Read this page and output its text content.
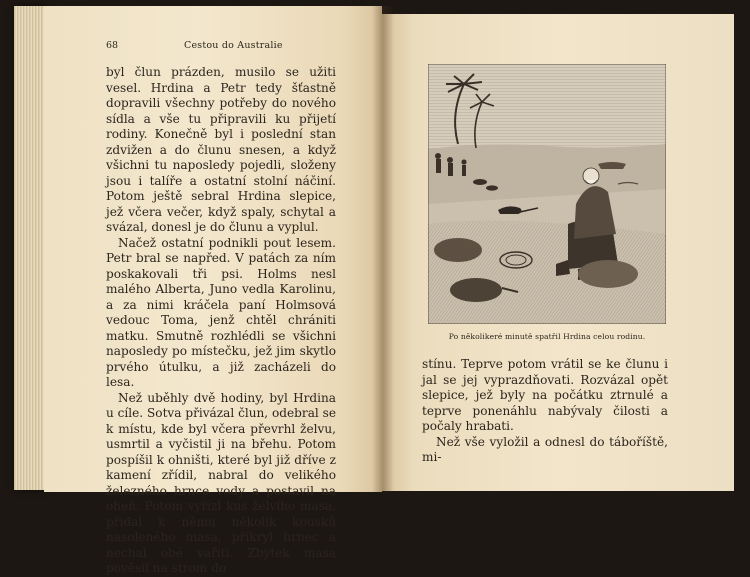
68	Cestou do Australie

byl člun prázden, musilo se užiti vesel. Hrdina a Petr tedy šťastně dopravili všechny potřeby do nového sídla a vše tu připravili ku přijetí rodiny. Konečně byl i poslední stan zdvižen a do člunu snesen, a když všichni tu naposledy pojedli, složeny jsou i talíře a ostatní stolní náčiní. Potom ještě sebral Hrdina slepice, jež včera večer, když spaly, schytal a svázal, donesl je do člunu a vyplul.

Načež ostatní podnikli pout lesem. Petr bral se napřed. V patách za ním poskakovali tři psi. Holms nesl malého Alberta, Juno vedla Karolinu, a za nimi kráčela paní Holmsová vedouc Toma, jenž chtěl chrániti matku. Smutně rozhlédli se všichni naposledy po místečku, jež jim skytlo prvého útulku, a již zacházeli do lesa.

Než uběhly dvě hodiny, byl Hrdina u cíle. Sotva přivázal člun, odebral se k místu, kde byl včera převrhl želvu, usmrtil a vyčistil ji na břehu. Potom pospíšil k ohništi, které byl již dříve z kamení zřídil, nabral do velikého železného hrnce vody a postavil na oheň. Potom vyřízl kus želvího masa, přidal k němu několik kousků nasoleného masa, přikryl hrnec a nechal obé vařiti. Zbytek masa pověsil na strom do

Po několikeré minutě spatřil Hrdina celou rodinu.

stínu. Teprve potom vrátil se ke člunu i jal se jej vyprazdňovati. Rozvázal opět slepice, jež byly na počátku ztrnulé a teprve ponenáhlu nabývaly čilosti a počaly hrabati.

Než vše vyložil a odnesl do táboříště, mi-
